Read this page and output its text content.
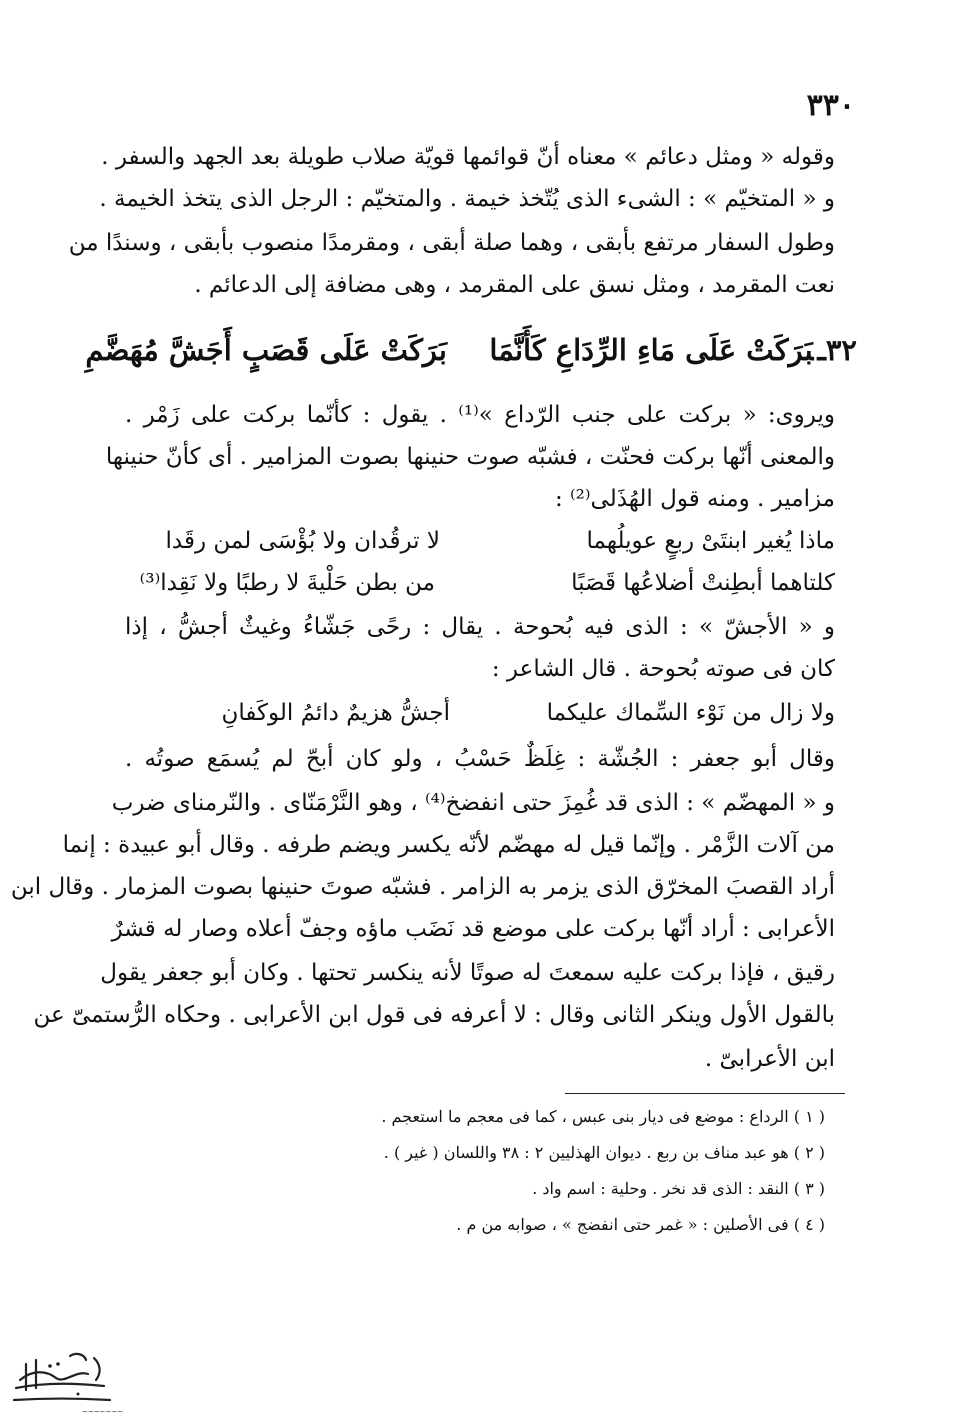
٣٣٠
وقوله « ومثل دعائم » معناه أنّ قوائمها قويّة صلاب طويلة بعد الجهد والسفر .
و « المتخيّم » : الشىء الذى يُتّخذ خيمة . والمتخيّم : الرجل الذى يتخذ الخيمة .
وطول السفار مرتفع بأبقى ، وهما صلة أبقى ، ومقرمدًا منصوب بأبقى ، وسندًا من
نعت المقرمد ، ومثل نسق على المقرمد ، وهى مضافة إلى الدعائم .
٣٢ـبَرَكَتْ عَلَى مَاءِ الرِّدَاعِ كَأَنَّمَا
بَرَكَتْ عَلَى قَصَبٍ أَجَشَّ مُهَضَّمِ
ويروى: « بركت على جنب الرّداع »⁽¹⁾ . يقول : كأنّما بركت على زَمْر .
والمعنى أنّها بركت فحنّت ، فشبّه صوت حنينها بصوت المزامير . أى كأنّ حنينها
مزامير . ومنه قول الهُذَلى⁽²⁾ :
ماذا يُغير ابنتَىْ ربعٍ عويلُهما
لا ترقُدان ولا بُؤْسَى لمن رقَدا
كلتاهما أبطِنتْ أضلاعُها قَصَبًا
من بطن حَلْيةَ لا رطبًا ولا نَقِدا⁽³⁾
و « الأجشّ » : الذى فيه بُحوحة . يقال : رحًى جَشّاءُ وغيثٌ أجشُّ ، إذا
كان فى صوته بُحوحة . قال الشاعر :
ولا زال من نَوْء السِّماك عليكما
أجشُّ هزيمٌ دائمُ الوكَفانِ
وقال أبو جعفر : الجُشّة : غِلَظٌ حَسْبُ ، ولو كان أبحّ لم يُسمَع صوتُه .
و « المهضّم » : الذى قد غُمِزَ حتى انفضخ⁽⁴⁾ ، وهو النَّرْمَنّاى . والنّرمناى ضرب
من آلات الزَّمْر . وإنّما قيل له مهضّم لأنّه يكسر ويضم طرفه . وقال أبو عبيدة : إنما
أراد القصبَ المخرّق الذى يزمر به الزامر . فشبّه صوتَ حنينها بصوت المزمار . وقال ابن
الأعرابى : أراد أنّها بركت على موضع قد نَضَب ماؤه وجفّ أعلاه وصار له قشرٌ
رقيق ، فإذا بركت عليه سمعتَ له صوتًا لأنه ينكسر تحتها . وكان أبو جعفر يقول
بالقول الأول وينكر الثانى وقال : لا أعرفه فى قول ابن الأعرابى . وحكاه الرُّستمىّ عن
ابن الأعرابىّ .
( ١ ) الرداع : موضع فى ديار بنى عبس ، كما فى معجم ما استعجم .
( ٢ ) هو عبد مناف بن ربع . ديوان الهذليين ٢ : ٣٨ واللسان ( غير ) .
( ٣ ) النقد : الذى قد نخر . وحلية : اسم واد .
( ٤ ) فى الأصلين : « غمر حتى انفضج » ، صوابه من م .
~~~~~~~
